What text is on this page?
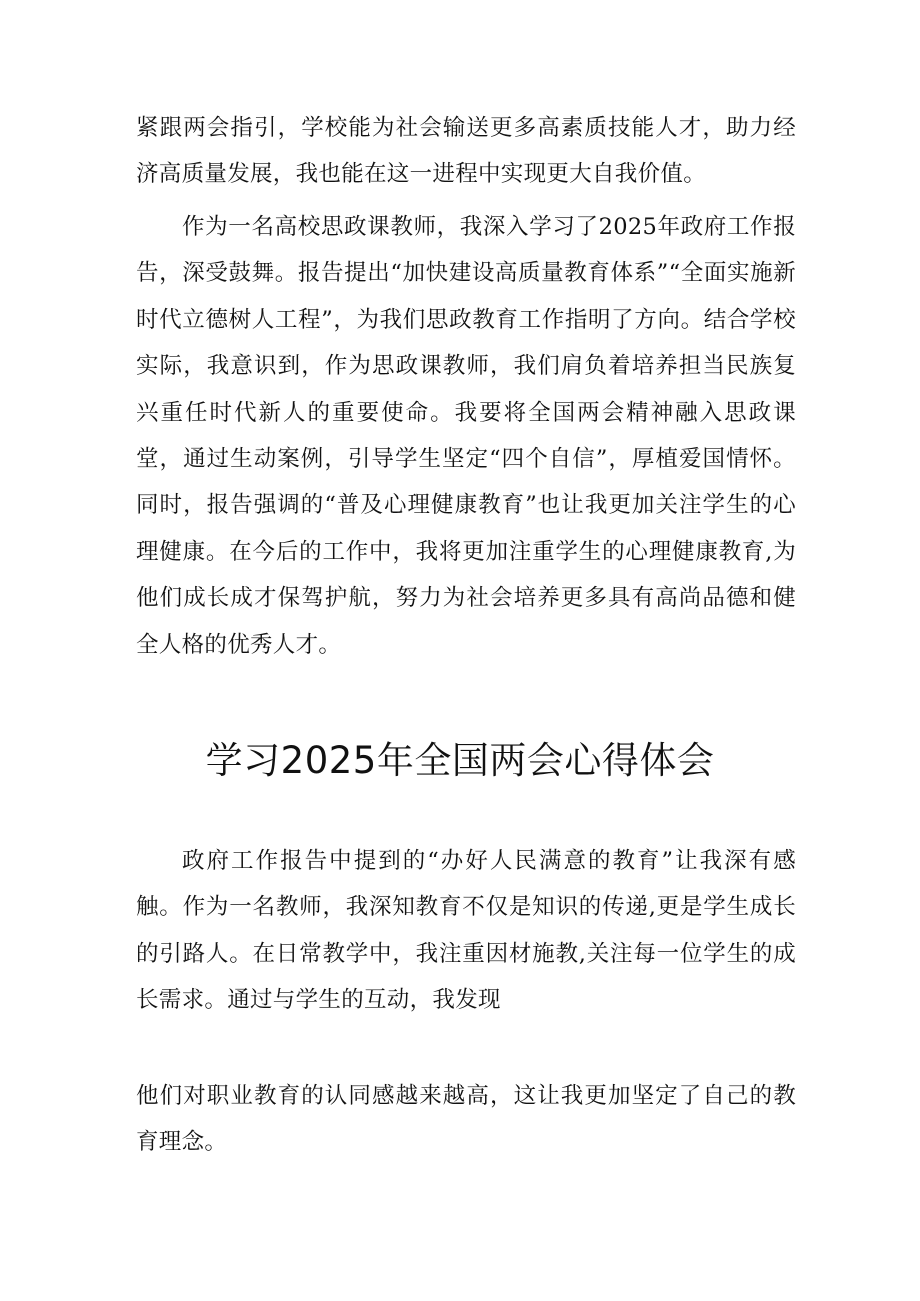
紧跟两会指引，学校能为社会输送更多高素质技能人才，助力经济高质量发展，我也能在这一进程中实现更大自我价值。

作为一名高校思政课教师，我深入学习了2025年政府工作报告，深受鼓舞。报告提出“加快建设高质量教育体系”“全面实施新时代立德树人工程”，为我们思政教育工作指明了方向。结合学校实际，我意识到，作为思政课教师，我们肩负着培养担当民族复兴重任时代新人的重要使命。我要将全国两会精神融入思政课堂，通过生动案例，引导学生坚定“四个自信”，厚植爱国情怀。同时，报告强调的“普及心理健康教育”也让我更加关注学生的心理健康。在今后的工作中，我将更加注重学生的心理健康教育,为他们成长成才保驾护航，努力为社会培养更多具有高尚品德和健全人格的优秀人才。

学习2025年全国两会心得体会

政府工作报告中提到的“办好人民满意的教育”让我深有感触。作为一名教师，我深知教育不仅是知识的传递,更是学生成长的引路人。在日常教学中，我注重因材施教,关注每一位学生的成长需求。通过与学生的互动，我发现

他们对职业教育的认同感越来越高，这让我更加坚定了自己的教育理念。
